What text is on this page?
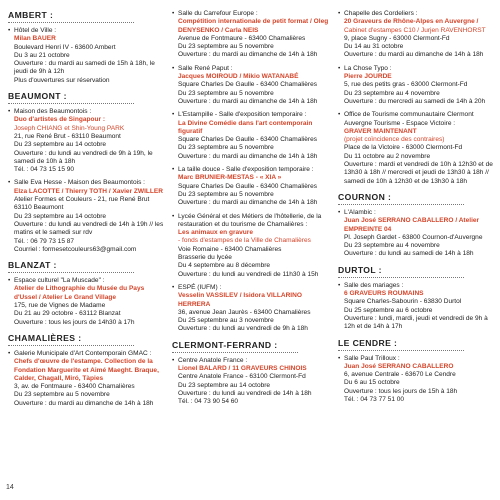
AMBERT :
• Hôtel de Ville :
Milan BAUER
Boulevard Henri IV - 63600 Ambert
Du 3 au 21 octobre
Ouverture : du mardi au samedi de 15h à 18h, le jeudi de 9h à 12h
Plus d'ouvertures sur réservation
BEAUMONT :
• Maison des Beaumontois :
Duo d'artistes de Singapour :
Joseph CHIANG et Shin-Young PARK
21, rue René Brut - 63110 Beaumont
Du 23 septembre au 14 octobre
Ouverture : du lundi au vendredi de 9h à 19h, le samedi de 10h à 18h
Tél. : 04 73 15 15 90
• Salle Eva Hesse - Maison des Beaumontois :
Elza LACOTTE / Thierry TOTH / Xavier ZWILLER
Atelier Formes et Couleurs - 21, rue René Brut 63110 Beaumont
Du 23 septembre au 14 octobre
Ouverture : du lundi au vendredi de 14h à 19h // les matins et le samedi sur rdv
Tél. : 06 79 73 15 87
Courriel : formesetcouleurs63@gmail.com
BLANZAT :
• Espace culturel "La Muscade" :
Atelier de Lithographie du Musée du Pays d'Ussel / Atelier Le Grand Village
175, rue de Vignes de Madame
Du 21 au 29 octobre - 63112 Blanzat
Ouverture : tous les jours de 14h30 à 17h
CHAMALIÈRES :
• Galerie Municipale d'Art Contemporain GMAC :
Chefs d'œuvre de l'estampe. Collection de la Fondation Marguerite et Aimé Maeght. Braque, Calder, Chagall, Miró, Tàpies
3, av. de Fontmaure - 63400 Chamalières
Du 23 septembre au 5 novembre
Ouverture : du mardi au dimanche de 14h à 18h
• Salle du Carrefour Europe :
Compétition internationale de petit format / Oleg DENYSENKO / Carla NEIS
Avenue de Fontmaure - 63400 Chamalières
Du 23 septembre au 5 novembre
Ouverture : du mardi au dimanche de 14h à 18h
• Salle René Paput :
Jacques MOIROUD / Mikio WATANABÉ
Square Charles De Gaulle - 63400 Chamalières
Du 23 septembre au 5 novembre
Ouverture : du mardi au dimanche de 14h à 18h
• L'Estampille - Salle d'exposition temporaire :
La Divine Comédie dans l'art contemporain figuratif
Square Charles De Gaulle - 63400 Chamalières
Du 23 septembre au 5 novembre
Ouverture : du mardi au dimanche de 14h à 18h
• La taille douce - Salle d'exposition temporaire :
Marc BRUNIER-MESTAS - « XIA »
Square Charles De Gaulle - 63400 Chamalières
Du 23 septembre au 5 novembre
Ouverture : du mardi au dimanche de 14h à 18h
• Lycée Général et des Métiers de l'hôtellerie, de la restauration et du tourisme de Chamalières :
Les animaux en gravure
- fonds d'estampes de la Ville de Chamalières
Voie Romaine - 63400 Chamalières
Brasserie du lycée
Du 4 septembre au 8 décembre
Ouverture : du lundi au vendredi de 11h30 à 15h
• ESPÉ (IUFM) :
Vesselin VASSILEV / Isidora VILLARINO HERRERA
36, avenue Jean Jaurès - 63400 Chamalières
Du 25 septembre au 3 novembre
Ouverture : du lundi au vendredi de 9h à 18h
CLERMONT-FERRAND :
• Centre Anatole France :
Lionel BALARD / 11 GRAVEURS CHINOIS
Centre Anatole France - 63100 Clermont-Fd
Du 23 septembre au 14 octobre
Ouverture : du lundi au vendredi de 14h à 18h
Tél. : 04 73 90 54 60
• Chapelle des Cordeliers :
20 Graveurs de Rhône-Alpes en Auvergne /
Cabinet d'estampes C10 / Jurjen RAVENHORST
9, place Sugny - 63000 Clermont-Fd
Du 14 au 31 octobre
Ouverture : du mardi au dimanche de 14h à 18h
• La Chose Typo :
Pierre JOURDE
5, rue des petits gras - 63000 Clermont-Fd
Du 23 septembre au 4 novembre
Ouverture : du mercredi au samedi de 14h à 20h
• Office de Tourisme communautaire Clermont Auvergne Tourisme - Espace Victoire :
GRAVER MAINTENANT
(projet coïncidence des contraires)
Place de la Victoire - 63000 Clermont-Fd
Du 11 octobre au 2 novembre
Ouverture : mardi et vendredi de 10h à 12h30 et de 13h30 à 18h // mercredi et jeudi de 13h30 à 18h // samedi de 10h à 12h30 et de 13h30 à 18h
COURNON :
• L'Alambic :
Juan José SERRANO CABALLERO / Atelier EMPREINTE 04
Pl. Joseph Gardet - 63800 Cournon-d'Auvergne
Du 23 septembre au 4 novembre
Ouverture : du lundi au samedi de 14h à 18h
DURTOL :
• Salle des mariages :
6 GRAVEURS ROUMAINS
Square Charles-Sabourin - 63830 Durtol
Du 25 septembre au 6 octobre
Ouverture : lundi, mardi, jeudi et vendredi de 9h à 12h et de 14h à 17h
LE CENDRE :
• Salle Paul Trilloux :
Juan José SERRANO CABALLERO
6, avenue Centrale - 63670 Le Cendre
Du 6 au 15 octobre
Ouverture : tous les jours de 15h à 18h
Tél. : 04 73 77 51 00
14
